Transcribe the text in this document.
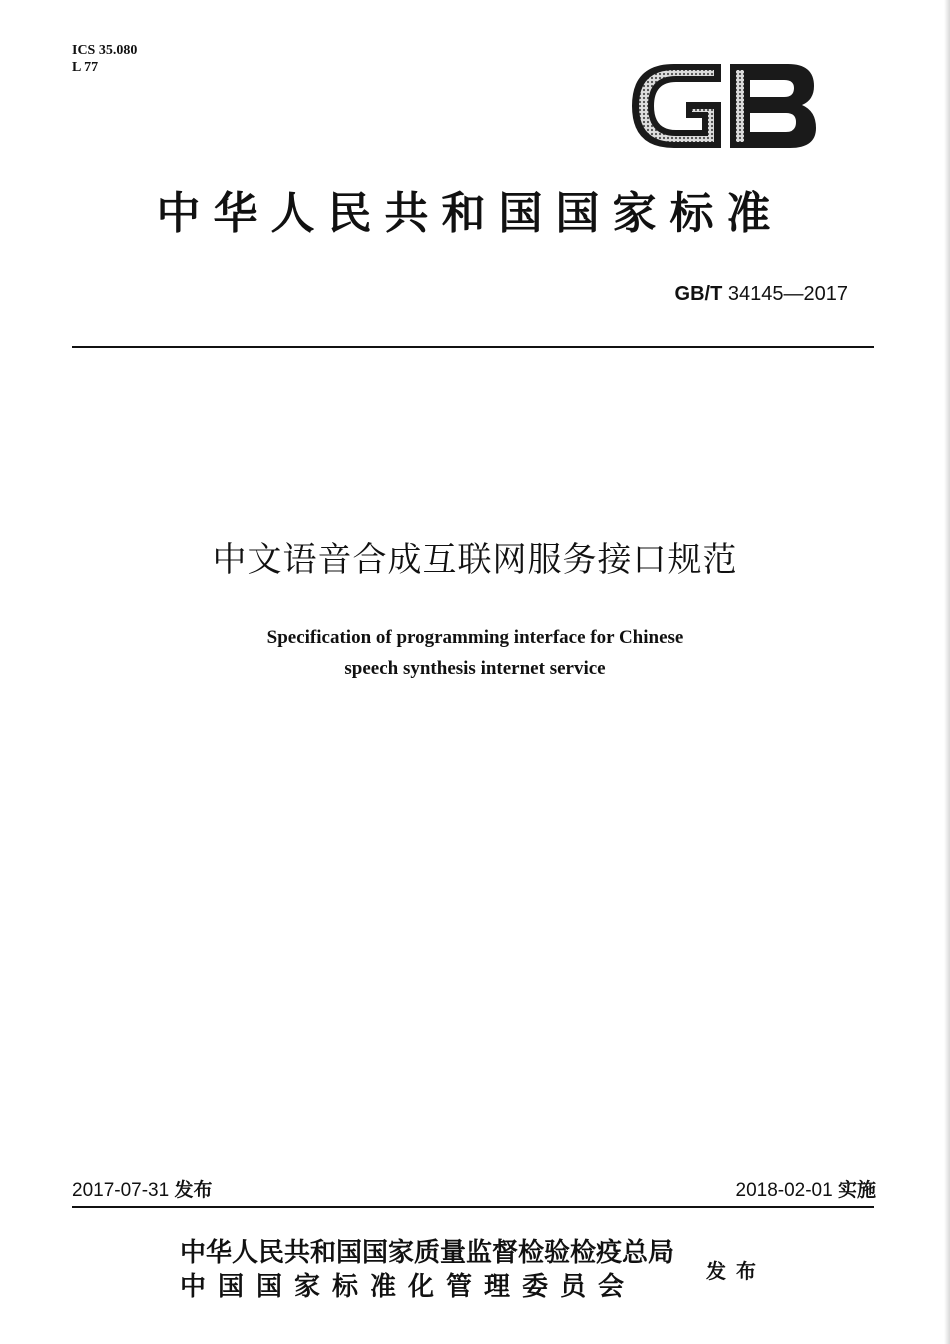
ICS 35.080
L 77
中华人民共和国国家标准
GB/T 34145—2017
中文语音合成互联网服务接口规范
Specification of programming interface for Chinese
speech synthesis internet service
2017-07-31 发布	2018-02-01 实施
中华人民共和国国家质量监督检验检疫总局
中国国家标准化管理委员会
发布
